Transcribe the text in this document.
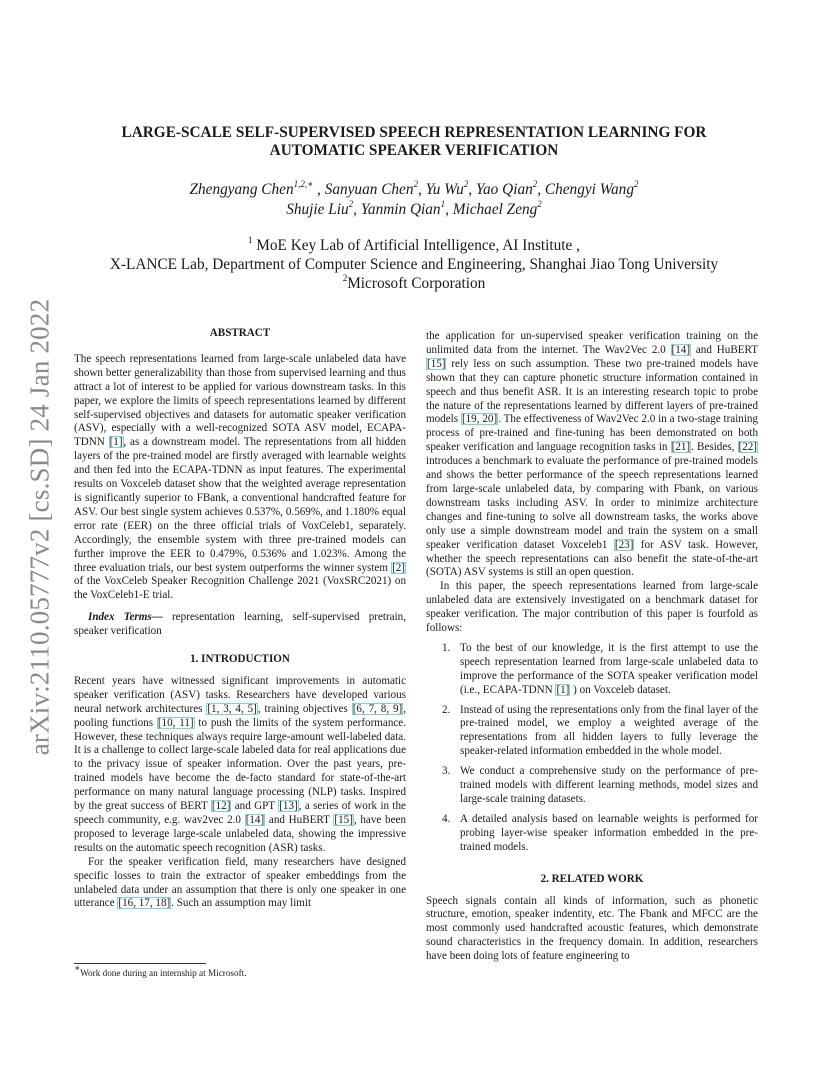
arXiv:2110.05777v2 [cs.SD] 24 Jan 2022
LARGE-SCALE SELF-SUPERVISED SPEECH REPRESENTATION LEARNING FOR
AUTOMATIC SPEAKER VERIFICATION
Zhengyang Chen$^{1,2,∗}$ , Sanyuan Chen$^2$, Yu Wu$^2$, Yao Qian$^2$, Chengyi Wang$^2$
Shujie Liu$^2$, Yanmin Qian$^1$, Michael Zeng$^2$
$^1$ MoE Key Lab of Artificial Intelligence, AI Institute ,
X-LANCE Lab, Department of Computer Science and Engineering, Shanghai Jiao Tong University
$^2$Microsoft Corporation

ABSTRACT

The speech representations learned from large-scale unlabeled data have shown better generalizability than those from supervised learning and thus attract a lot of interest to be applied for various downstream tasks. In this paper, we explore the limits of speech representations learned by different self-supervised objectives and datasets for automatic speaker verification (ASV), especially with a well-recognized SOTA ASV model, ECAPA-TDNN [1], as a downstream model. The representations from all hidden layers of the pre-trained model are firstly averaged with learnable weights and then fed into the ECAPA-TDNN as input features. The experimental results on Voxceleb dataset show that the weighted average representation is significantly superior to FBank, a conventional handcrafted feature for ASV. Our best single system achieves 0.537%, 0.569%, and 1.180% equal error rate (EER) on the three official trials of VoxCeleb1, separately. Accordingly, the ensemble system with three pre-trained models can further improve the EER to 0.479%, 0.536% and 1.023%. Among the three evaluation trials, our best system outperforms the winner system [2] of the VoxCeleb Speaker Recognition Challenge 2021 (VoxSRC2021) on the VoxCeleb1-E trial.

Index Terms— representation learning, self-supervised pretrain, speaker verification

1. INTRODUCTION

Recent years have witnessed significant improvements in automatic speaker verification (ASV) tasks. Researchers have developed various neural network architectures [1, 3, 4, 5], training objectives [6, 7, 8, 9], pooling functions [10, 11] to push the limits of the system performance. However, these techniques always require large-amount well-labeled data. It is a challenge to collect large-scale labeled data for real applications due to the privacy issue of speaker information. Over the past years, pre-trained models have become the de-facto standard for state-of-the-art performance on many natural language processing (NLP) tasks. Inspired by the great success of BERT [12] and GPT [13], a series of work in the speech community, e.g. wav2vec 2.0 [14] and HuBERT [15], have been proposed to leverage large-scale unlabeled data, showing the impressive results on the automatic speech recognition (ASR) tasks.

For the speaker verification field, many researchers have designed specific losses to train the extractor of speaker embeddings from the unlabeled data under an assumption that there is only one speaker in one utterance [16, 17, 18]. Such an assumption may limit

the application for un-supervised speaker verification training on the unlimited data from the internet. The Wav2Vec 2.0 [14] and HuBERT [15] rely less on such assumption. These two pre-trained models have shown that they can capture phonetic structure information contained in speech and thus benefit ASR. It is an interesting research topic to probe the nature of the representations learned by different layers of pre-trained models [19, 20]. The effectiveness of Wav2Vec 2.0 in a two-stage training process of pre-trained and fine-tuning has been demonstrated on both speaker verification and language recognition tasks in [21]. Besides, [22] introduces a benchmark to evaluate the performance of pre-trained models and shows the better performance of the speech representations learned from large-scale unlabeled data, by comparing with Fbank, on various downstream tasks including ASV. In order to minimize architecture changes and fine-tuning to solve all downstream tasks, the works above only use a simple downstream model and train the system on a small speaker verification dataset Voxceleb1 [23] for ASV task. However, whether the speech representations can also benefit the state-of-the-art (SOTA) ASV systems is still an open question.

In this paper, the speech representations learned from large-scale unlabeled data are extensively investigated on a benchmark dataset for speaker verification. The major contribution of this paper is fourfold as follows:

1. To the best of our knowledge, it is the first attempt to use the speech representation learned from large-scale unlabeled data to improve the performance of the SOTA speaker verification model (i.e., ECAPA-TDNN [1] ) on Voxceleb dataset.
2. Instead of using the representations only from the final layer of the pre-trained model, we employ a weighted average of the representations from all hidden layers to fully leverage the speaker-related information embedded in the whole model.
3. We conduct a comprehensive study on the performance of pre-trained models with different learning methods, model sizes and large-scale training datasets.
4. A detailed analysis based on learnable weights is performed for probing layer-wise speaker information embedded in the pre-trained models.

2. RELATED WORK

Speech signals contain all kinds of information, such as phonetic structure, emotion, speaker indentity, etc. The Fbank and MFCC are the most commonly used handcrafted acoustic features, which demonstrate sound characteristics in the frequency domain. In addition, researchers have been doing lots of feature engineering to

∗Work done during an internship at Microsoft.
